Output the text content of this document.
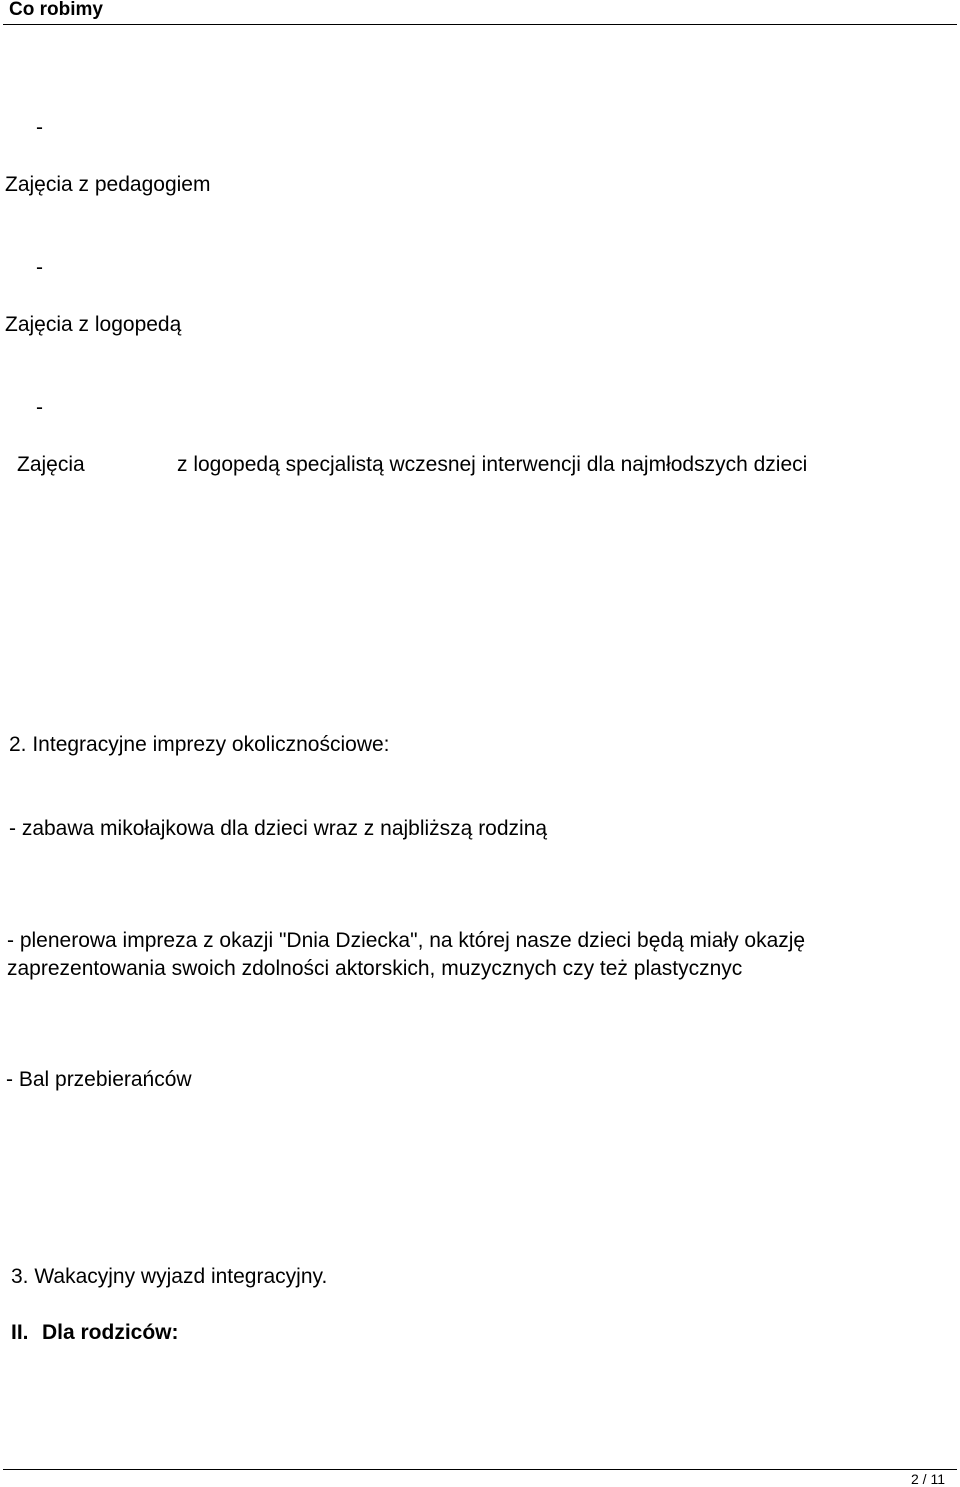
Co robimy
-
Zajęcia z pedagogiem
-
Zajęcia z logopedą
-
Zajęcia	z logopedą specjalistą wczesnej interwencji dla najmłodszych dzieci
2. Integracyjne imprezy okolicznościowe:
- zabawa mikołajkowa dla dzieci wraz z najbliższą rodziną
- plenerowa impreza z okazji "Dnia Dziecka", na której nasze dzieci będą miały okazję
zaprezentowania swoich zdolności aktorskich, muzycznych czy też plastycznyc
- Bal przebierańców
3. Wakacyjny wyjazd integracyjny.
II. Dla rodziców:
2 / 11
